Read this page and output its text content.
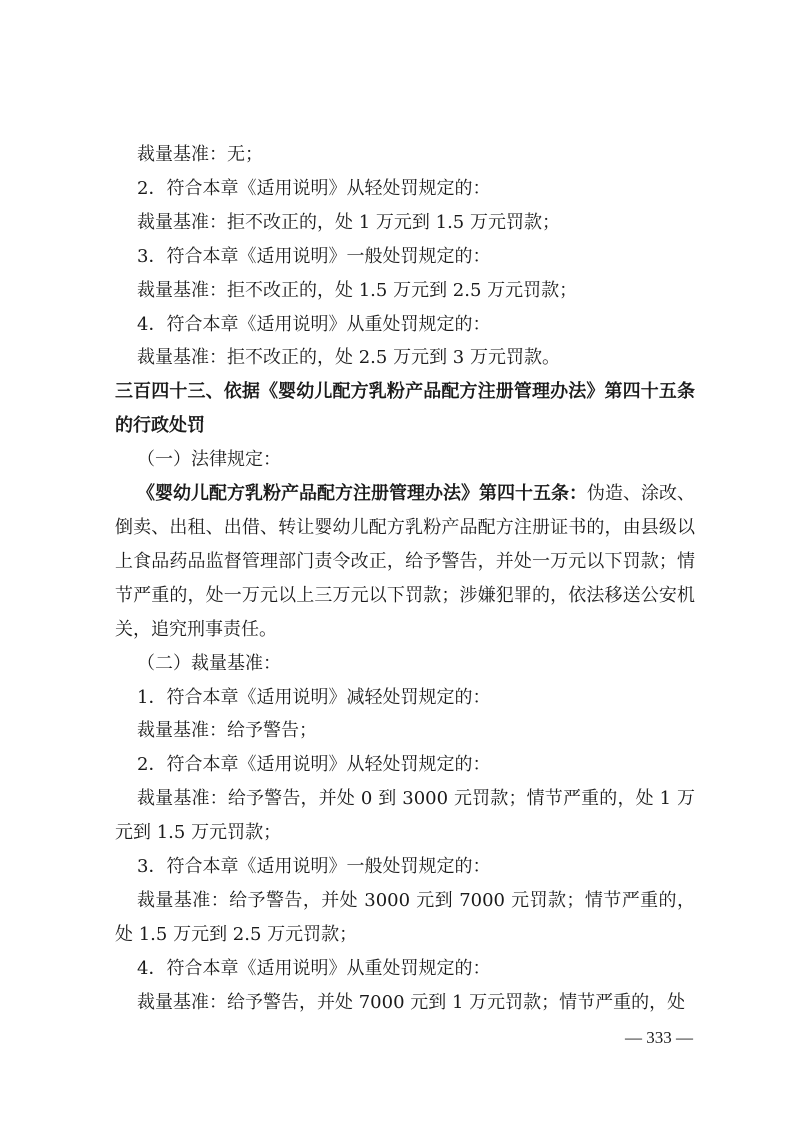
裁量基准：无；

2．符合本章《适用说明》从轻处罚规定的：

裁量基准：拒不改正的，处 1 万元到 1.5 万元罚款；

3．符合本章《适用说明》一般处罚规定的：

裁量基准：拒不改正的，处 1.5 万元到 2.5 万元罚款；

4．符合本章《适用说明》从重处罚规定的：

裁量基准：拒不改正的，处 2.5 万元到 3 万元罚款。

三百四十三、依据《婴幼儿配方乳粉产品配方注册管理办法》第四十五条的行政处罚

（一）法律规定：

《婴幼儿配方乳粉产品配方注册管理办法》第四十五条：伪造、涂改、倒卖、出租、出借、转让婴幼儿配方乳粉产品配方注册证书的，由县级以上食品药品监督管理部门责令改正，给予警告，并处一万元以下罚款；情节严重的，处一万元以上三万元以下罚款；涉嫌犯罪的，依法移送公安机关，追究刑事责任。

（二）裁量基准：

1．符合本章《适用说明》减轻处罚规定的：

裁量基准：给予警告；

2．符合本章《适用说明》从轻处罚规定的：

裁量基准：给予警告，并处 0 到 3000 元罚款；情节严重的，处 1 万元到 1.5 万元罚款；

3．符合本章《适用说明》一般处罚规定的：

裁量基准：给予警告，并处 3000 元到 7000 元罚款；情节严重的，处 1.5 万元到 2.5 万元罚款；

4．符合本章《适用说明》从重处罚规定的：

裁量基准：给予警告，并处 7000 元到 1 万元罚款；情节严重的，处

— 333 —
